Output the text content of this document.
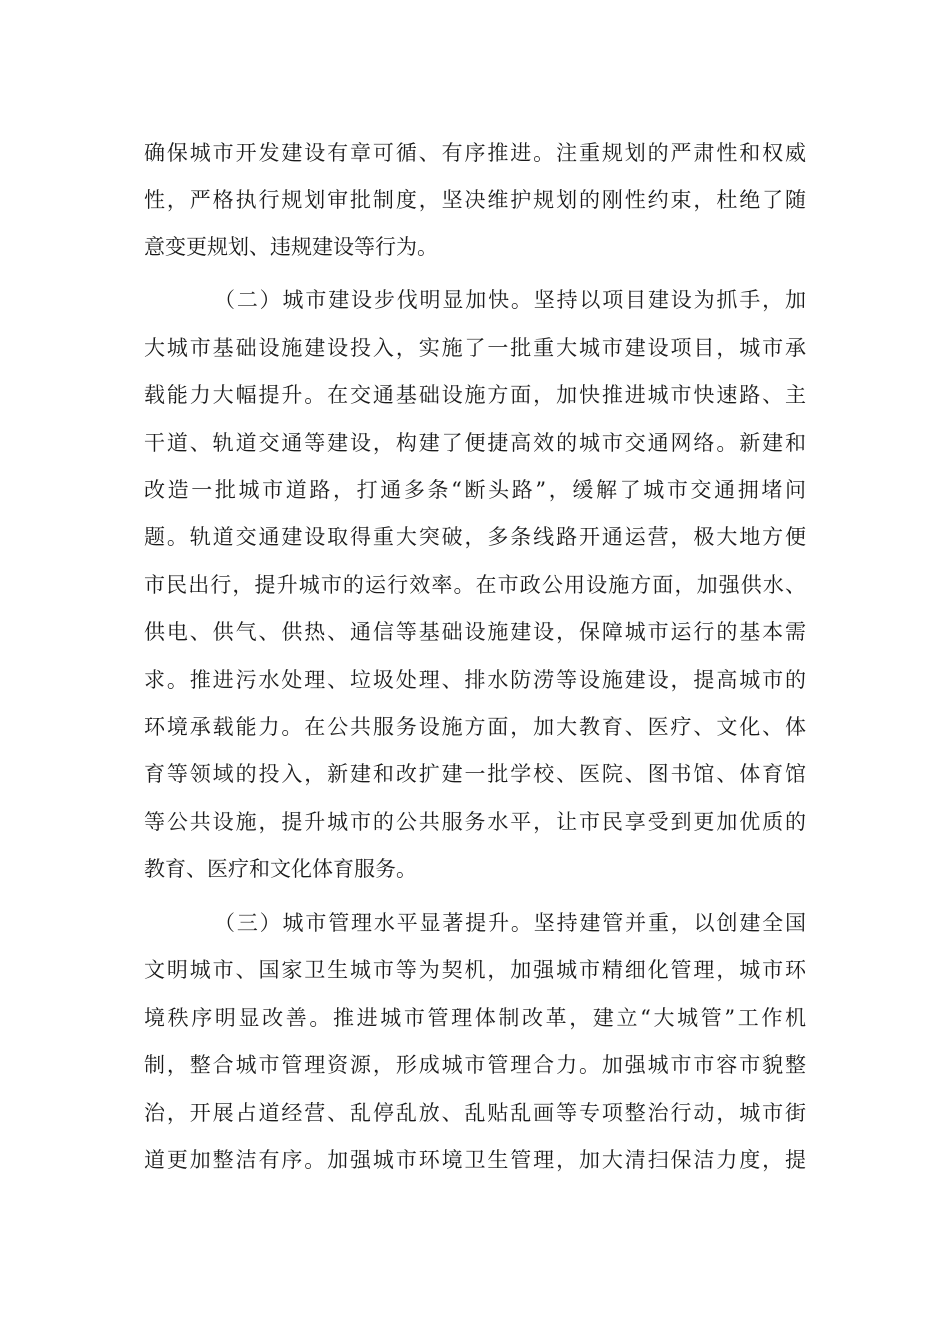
确保城市开发建设有章可循、有序推进。注重规划的严肃性和权威
性，严格执行规划审批制度，坚决维护规划的刚性约束，杜绝了随
意变更规划、违规建设等行为。
（二）城市建设步伐明显加快。坚持以项目建设为抓手，加
大城市基础设施建设投入，实施了一批重大城市建设项目，城市承
载能力大幅提升。在交通基础设施方面，加快推进城市快速路、主
干道、轨道交通等建设，构建了便捷高效的城市交通网络。新建和
改造一批城市道路，打通多条“断头路”，缓解了城市交通拥堵问
题。轨道交通建设取得重大突破，多条线路开通运营，极大地方便
市民出行，提升城市的运行效率。在市政公用设施方面，加强供水、
供电、供气、供热、通信等基础设施建设，保障城市运行的基本需
求。推进污水处理、垃圾处理、排水防涝等设施建设，提高城市的
环境承载能力。在公共服务设施方面，加大教育、医疗、文化、体
育等领域的投入，新建和改扩建一批学校、医院、图书馆、体育馆
等公共设施，提升城市的公共服务水平，让市民享受到更加优质的
教育、医疗和文化体育服务。
（三）城市管理水平显著提升。坚持建管并重，以创建全国
文明城市、国家卫生城市等为契机，加强城市精细化管理，城市环
境秩序明显改善。推进城市管理体制改革，建立“大城管”工作机
制，整合城市管理资源，形成城市管理合力。加强城市市容市貌整
治，开展占道经营、乱停乱放、乱贴乱画等专项整治行动，城市街
道更加整洁有序。加强城市环境卫生管理，加大清扫保洁力度，提
